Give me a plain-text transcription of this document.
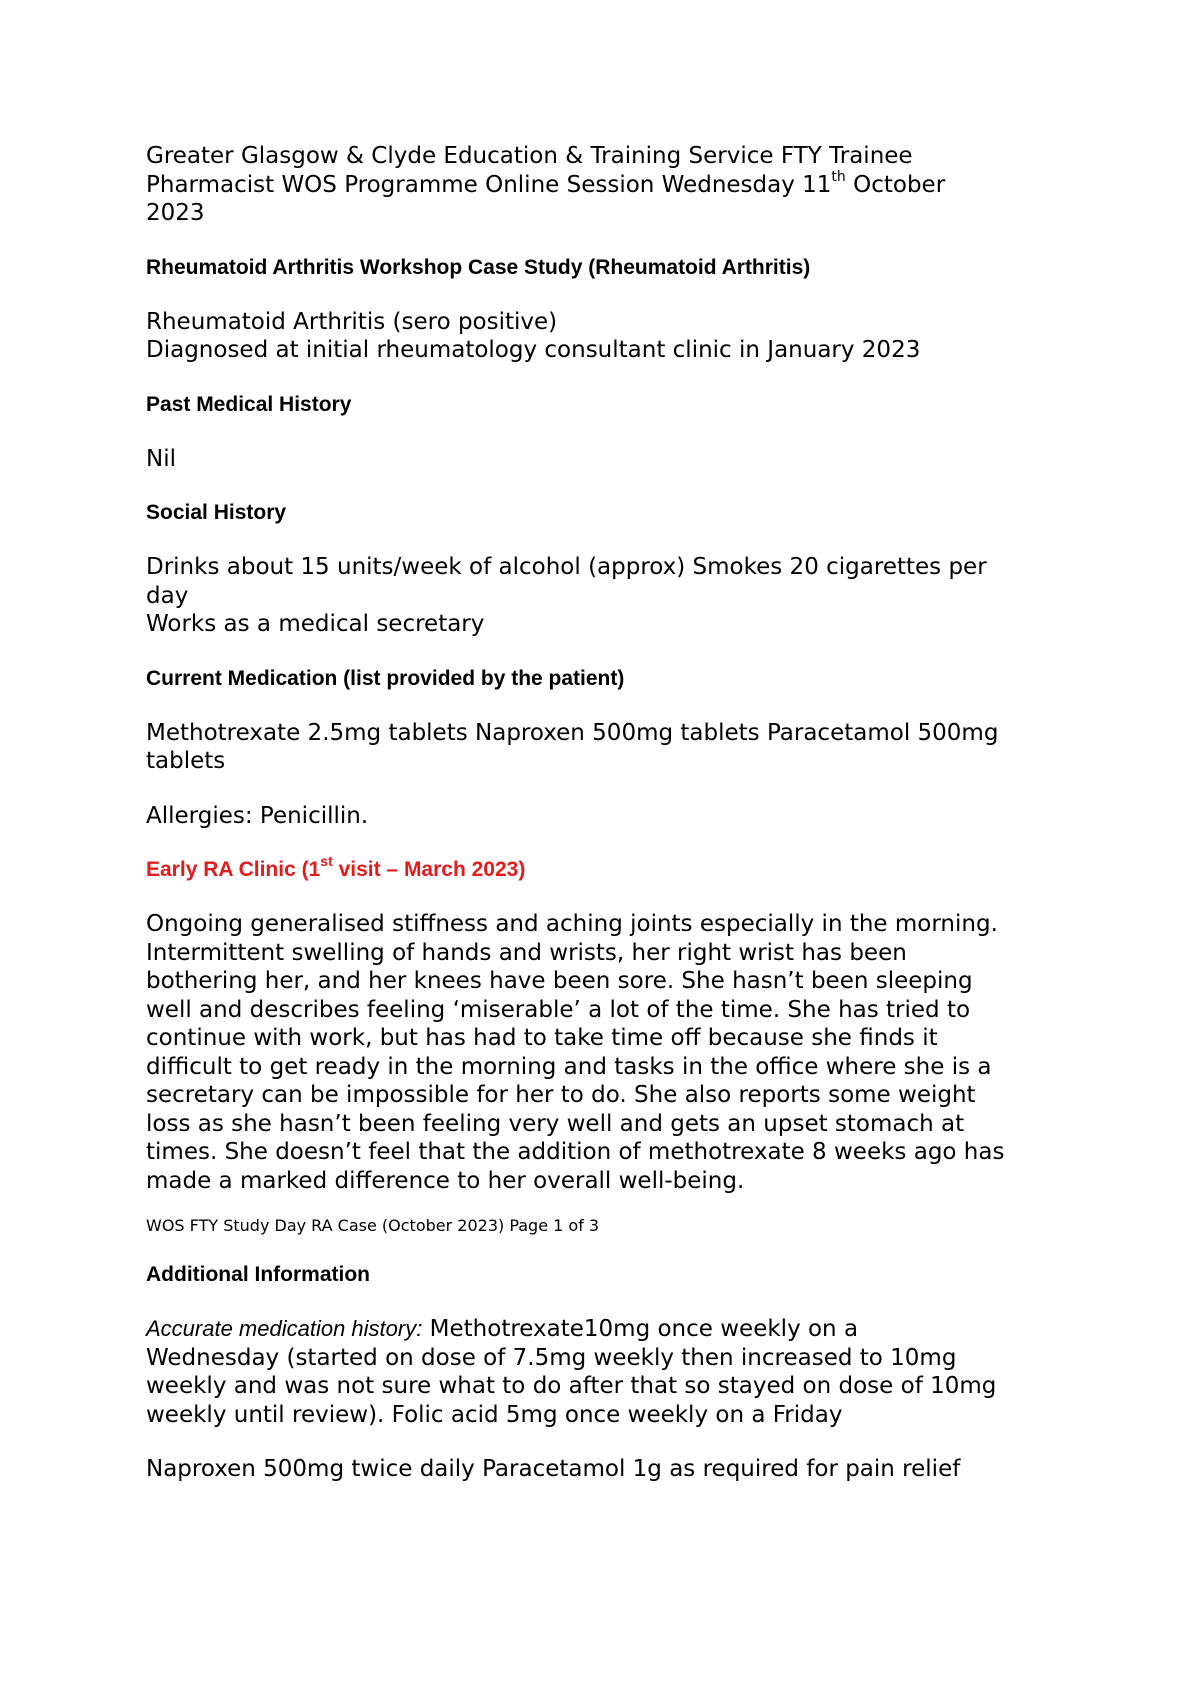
Greater Glasgow & Clyde Education & Training Service FTY Trainee
Pharmacist WOS Programme Online Session Wednesday 11th October
2023

Rheumatoid Arthritis Workshop Case Study (Rheumatoid Arthritis)

Rheumatoid Arthritis (sero positive)
Diagnosed at initial rheumatology consultant clinic in January 2023

Past Medical History

Nil

Social History

Drinks about 15 units/week of alcohol (approx) Smokes 20 cigarettes per
day
Works as a medical secretary

Current Medication (list provided by the patient)

Methotrexate 2.5mg tablets Naproxen 500mg tablets Paracetamol 500mg
tablets

Allergies: Penicillin.

Early RA Clinic (1st visit – March 2023)

Ongoing generalised stiffness and aching joints especially in the morning.
Intermittent swelling of hands and wrists, her right wrist has been
bothering her, and her knees have been sore. She hasn’t been sleeping
well and describes feeling ‘miserable’ a lot of the time. She has tried to
continue with work, but has had to take time off because she finds it
difficult to get ready in the morning and tasks in the office where she is a
secretary can be impossible for her to do. She also reports some weight
loss as she hasn’t been feeling very well and gets an upset stomach at
times. She doesn’t feel that the addition of methotrexate 8 weeks ago has
made a marked difference to her overall well-being.

WOS FTY Study Day RA Case (October 2023) Page 1 of 3

Additional Information

Accurate medication history: Methotrexate10mg once weekly on a
Wednesday (started on dose of 7.5mg weekly then increased to 10mg
weekly and was not sure what to do after that so stayed on dose of 10mg
weekly until review). Folic acid 5mg once weekly on a Friday

Naproxen 500mg twice daily Paracetamol 1g as required for pain relief
